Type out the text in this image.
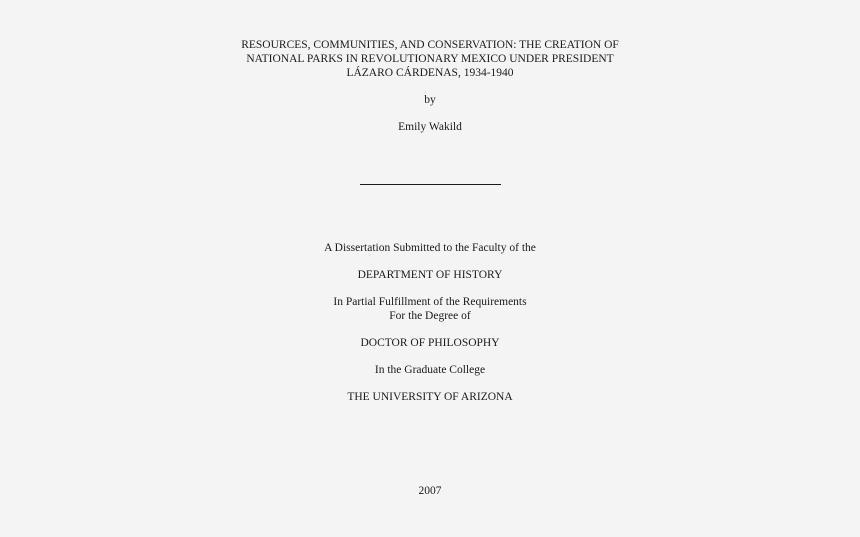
RESOURCES, COMMUNITIES, AND CONSERVATION: THE CREATION OF
NATIONAL PARKS IN REVOLUTIONARY MEXICO UNDER PRESIDENT
LÁZARO CÁRDENAS, 1934-1940
by
Emily Wakild
A Dissertation Submitted to the Faculty of the
DEPARTMENT OF HISTORY
In Partial Fulfillment of the Requirements
For the Degree of
DOCTOR OF PHILOSOPHY
In the Graduate College
THE UNIVERSITY OF ARIZONA
2007
